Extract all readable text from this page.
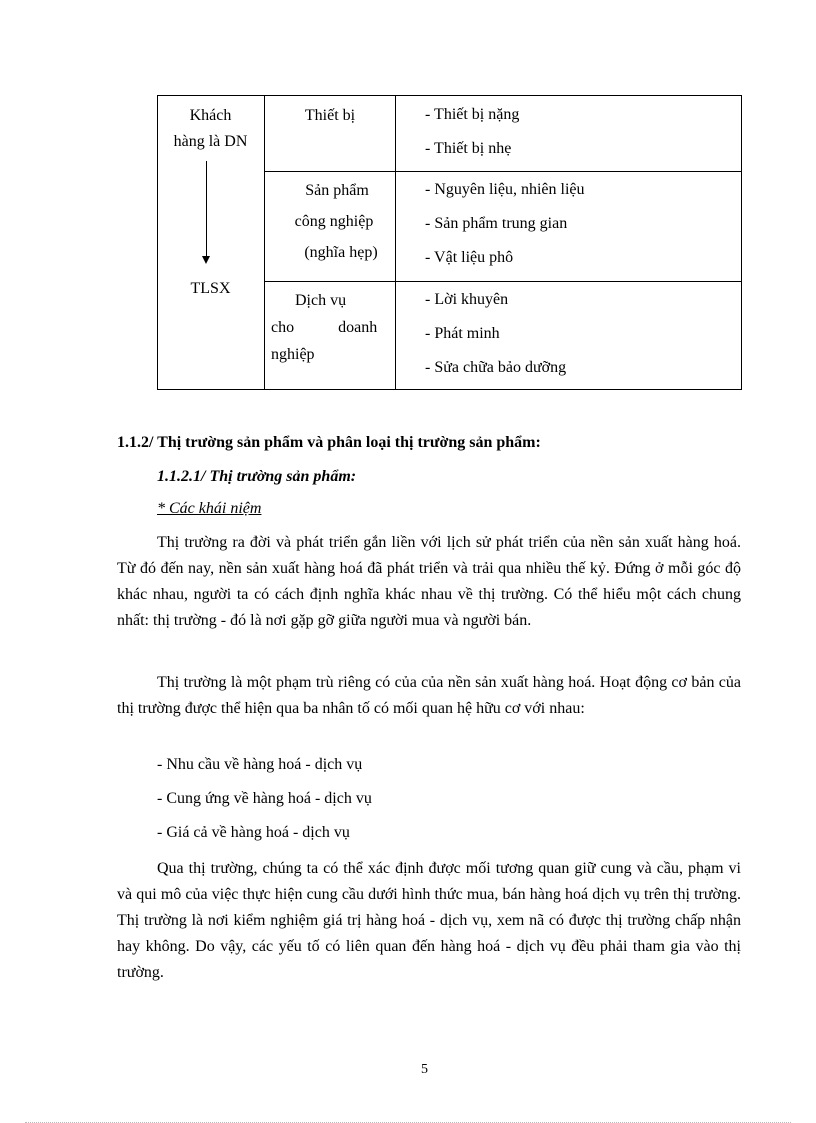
Khách
hàng là DN
TLSX
Thiết bị	- Thiết bị nặng
- Thiết bị nhẹ
Sản phẩm
công nghiệp
(nghĩa hẹp)
- Nguyên liệu, nhiên liệu
- Sản phẩm trung gian
- Vật liệu phô
Dịch vụ
cho doanh
nghiệp
- Lời khuyên
- Phát minh
- Sửa chữa bảo dưỡng
1.1.2/ Thị trường sản phẩm và phân loại thị trường sản phẩm:
1.1.2.1/ Thị trường sản phẩm:
* Các khái niệm
Thị trường ra đời và phát triển gắn liền với lịch sử phát triển của nền sản xuất hàng hoá. Từ đó đến nay, nền sản xuất hàng hoá đã phát triển và trải qua nhiều thế kỷ. Đứng ở mỗi góc độ khác nhau, người ta có cách định nghĩa khác nhau về thị trường. Có thể hiểu một cách chung nhất: thị trường - đó là nơi gặp gỡ giữa người mua và người bán.
Thị trường là một phạm trù riêng có của của nền sản xuất hàng hoá. Hoạt động cơ bản của thị trường được thể hiện qua ba nhân tố có mối quan hệ hữu cơ với nhau:
- Nhu cầu về hàng hoá - dịch vụ
- Cung ứng về hàng hoá - dịch vụ
- Giá cả về hàng hoá - dịch vụ
Qua thị trường, chúng ta có thể xác định được mối tương quan giữ cung và cầu, phạm vi và qui mô của việc thực hiện cung cầu dưới hình thức mua, bán hàng hoá dịch vụ trên thị trường. Thị trường là nơi kiểm nghiệm giá trị hàng hoá - dịch vụ, xem nã có được thị trường chấp nhận hay không. Do vậy, các yếu tố có liên quan đến hàng hoá - dịch vụ đều phải tham gia vào thị trường.
5
